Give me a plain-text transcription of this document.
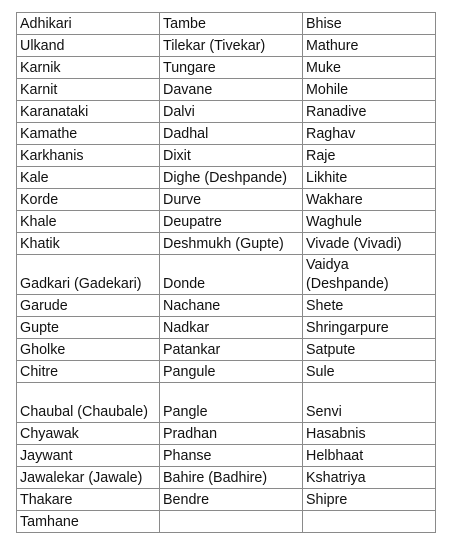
Adhikari	Tambe	Bhise
Ulkand	Tilekar (Tivekar)	Mathure
Karnik	Tungare	Muke
Karnit	Davane	Mohile
Karanataki	Dalvi	Ranadive
Kamathe	Dadhal	Raghav
Karkhanis	Dixit	Raje
Kale	Dighe (Deshpande)	Likhite
Korde	Durve	Wakhare
Khale	Deupatre	Waghule
Khatik	Deshmukh (Gupte)	Vivade (Vivadi)
Gadkari (Gadekari)	Donde	Vaidya (Deshpande)
Garude	Nachane	Shete
Gupte	Nadkar	Shringarpure
Gholke	Patankar	Satpute
Chitre	Pangule	Sule
Chaubal (Chaubale)	Pangle	Senvi
Chyawak	Pradhan	Hasabnis
Jaywant	Phanse	Helbhaat
Jawalekar (Jawale)	Bahire (Badhire)	Kshatriya
Thakare	Bendre	Shipre
Tamhane		
